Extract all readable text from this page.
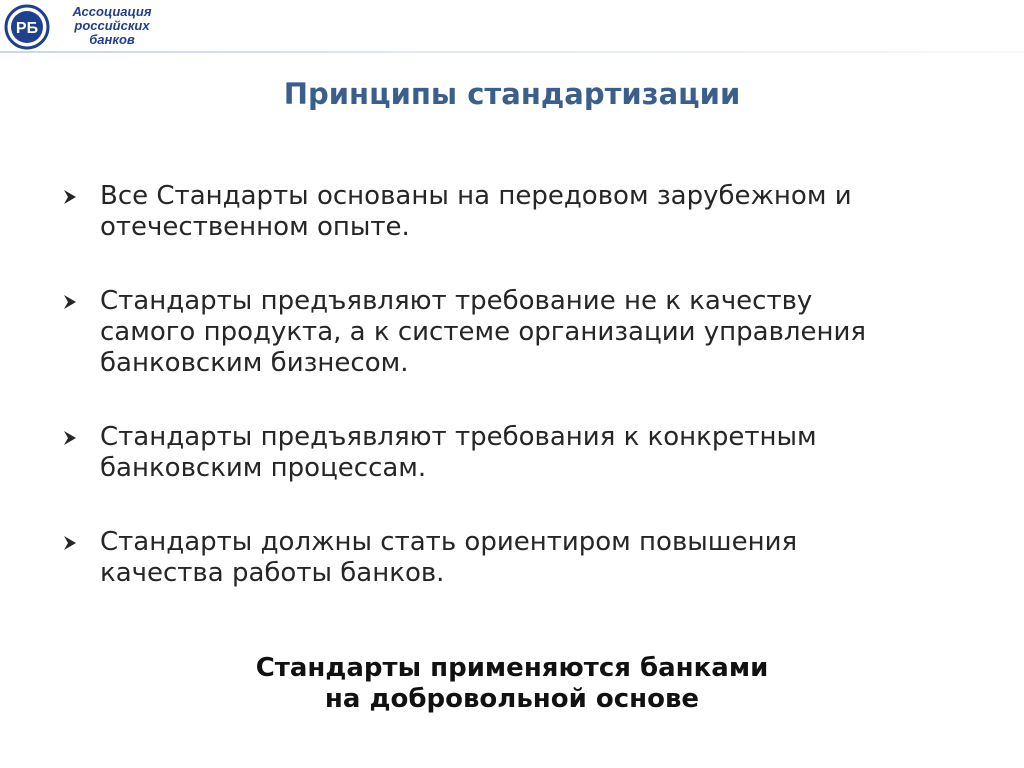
РБ
Ассоциация
российских
банков
Принципы стандартизации
Все Стандарты основаны на передовом зарубежном и
отечественном опыте.
Стандарты предъявляют требование не к качеству
самого продукта, а к системе организации управления
банковским бизнесом.
Стандарты предъявляют требования к конкретным
банковским процессам.
Стандарты должны стать ориентиром повышения
качества работы банков.
Стандарты применяются банками
на добровольной основе
